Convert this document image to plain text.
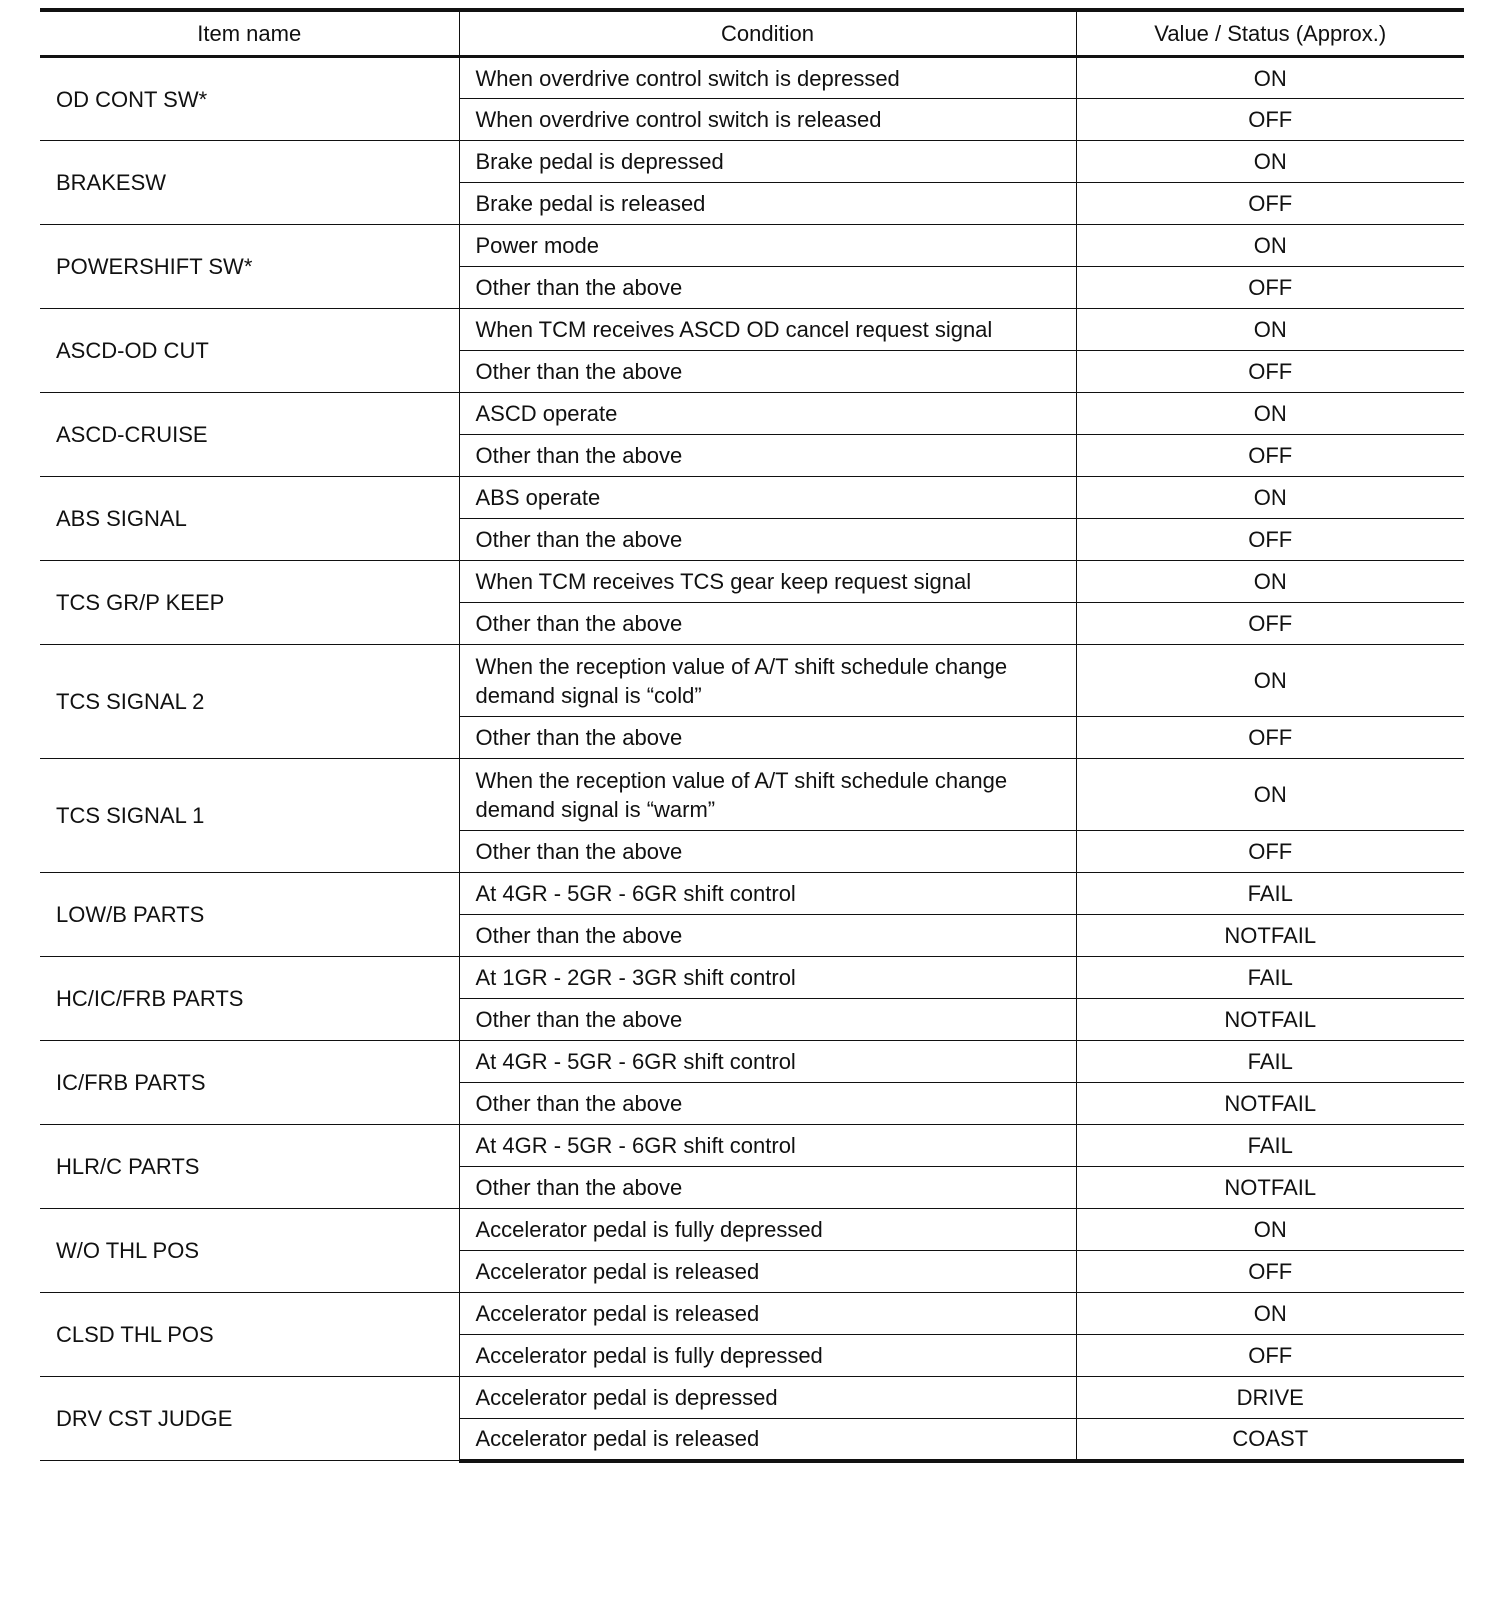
Item name	Condition	Value / Status (Approx.)
OD CONT SW*	When overdrive control switch is depressed	ON
	When overdrive control switch is released	OFF
BRAKESW	Brake pedal is depressed	ON
	Brake pedal is released	OFF
POWERSHIFT SW*	Power mode	ON
	Other than the above	OFF
ASCD-OD CUT	When TCM receives ASCD OD cancel request signal	ON
	Other than the above	OFF
ASCD-CRUISE	ASCD operate	ON
	Other than the above	OFF
ABS SIGNAL	ABS operate	ON
	Other than the above	OFF
TCS GR/P KEEP	When TCM receives TCS gear keep request signal	ON
	Other than the above	OFF
TCS SIGNAL 2	When the reception value of A/T shift schedule change demand signal is “cold”	ON
	Other than the above	OFF
TCS SIGNAL 1	When the reception value of A/T shift schedule change demand signal is “warm”	ON
	Other than the above	OFF
LOW/B PARTS	At 4GR - 5GR - 6GR shift control	FAIL
	Other than the above	NOTFAIL
HC/IC/FRB PARTS	At 1GR - 2GR - 3GR shift control	FAIL
	Other than the above	NOTFAIL
IC/FRB PARTS	At 4GR - 5GR - 6GR shift control	FAIL
	Other than the above	NOTFAIL
HLR/C PARTS	At 4GR - 5GR - 6GR shift control	FAIL
	Other than the above	NOTFAIL
W/O THL POS	Accelerator pedal is fully depressed	ON
	Accelerator pedal is released	OFF
CLSD THL POS	Accelerator pedal is released	ON
	Accelerator pedal is fully depressed	OFF
DRV CST JUDGE	Accelerator pedal is depressed	DRIVE
	Accelerator pedal is released	COAST
